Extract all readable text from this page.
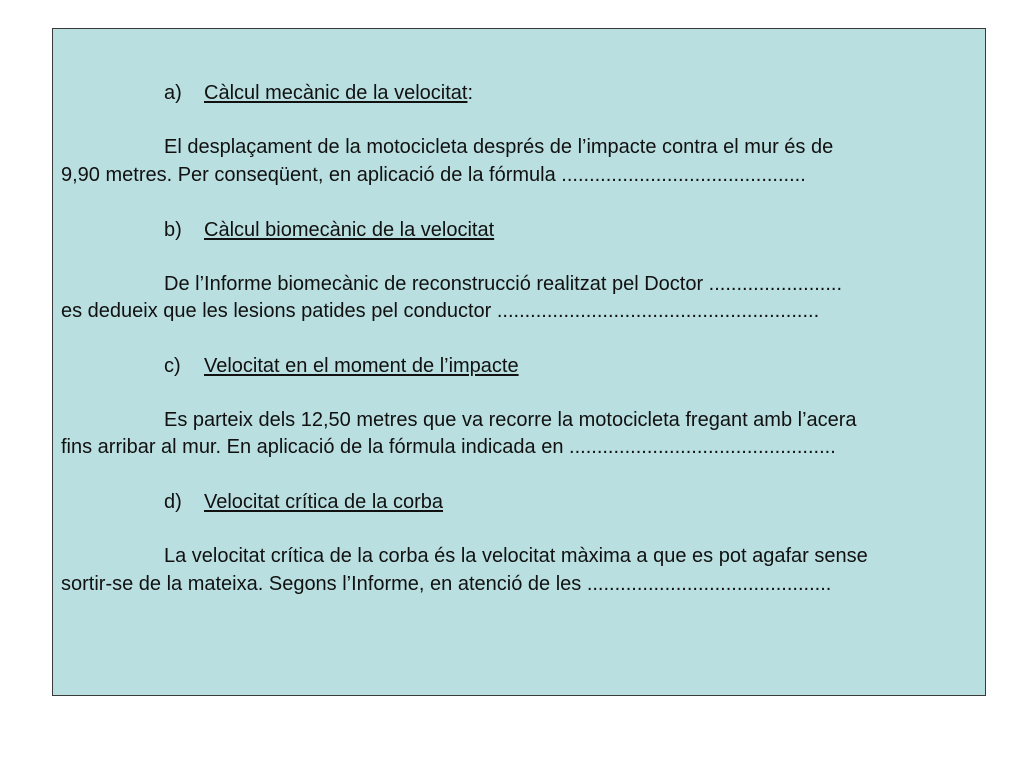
a) Càlcul mecànic de la velocitat:
El desplaçament de la motocicleta després de l’impacte contra el mur és de
9,90 metres. Per conseqüent, en aplicació de la fórmula ............................................
b) Càlcul biomecànic de la velocitat
De l’Informe biomecànic de reconstrucció realitzat pel Doctor ........................
es dedueix que les lesions patides pel conductor ..........................................................
c) Velocitat en el moment de l’impacte
Es parteix dels 12,50 metres que va recorre la motocicleta fregant amb l’acera
fins arribar al mur. En aplicació de la fórmula indicada en ................................................
d) Velocitat crítica de la corba
La velocitat crítica de la corba és la velocitat màxima a que es pot agafar sense
sortir-se de la mateixa. Segons l’Informe, en atenció de les ............................................
